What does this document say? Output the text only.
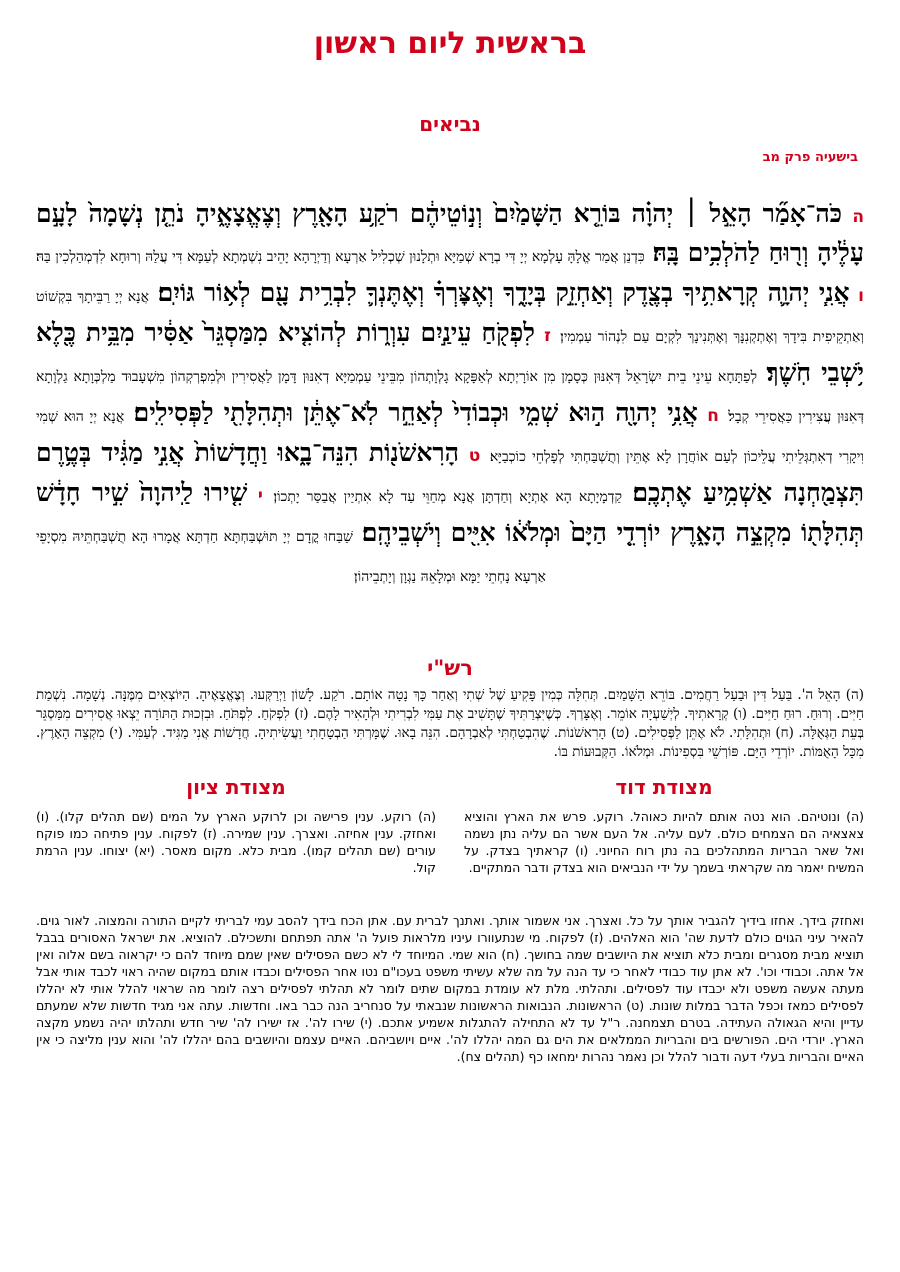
בראשית ליום ראשון
נביאים
בישעיה פרק מב
ה כֹּה־אָמַ֞ר הָאֵ֣ל ׀ יְהוָ֗ה בּוֹרֵ֤א הַשָּׁמַ֙יִם֙ וְנ֣וֹטֵיהֶ֔ם רֹקַ֥ע הָאָ֖רֶץ וְצֶאֱצָאֶ֑יהָ נֹתֵ֤ן נְשָׁמָה֙ לָעָ֣ם עָלֶ֔יהָ וְר֖וּחַ לַהֹלְכִ֥ים בָּֽהּ׃ כִּדְנַן אֲמַר אֱלָהָּ עָלְמָא יְיָ דִּי בְרָא שְׁמַיָּא וּתְלָנוּן שְׁכְלִיל אַרְעָא וְדַיְרָהָא יָהֵיב נִשְׁמְתָא לְעַמָּא דִּי עֲלַהּ וְרוּחָא לִדְמְהַלְכִין בַּהּ׃ ו אֲנִ֧י יְהוָ֛ה קְרָאתִ֥יךָ בְצֶ֖דֶק וְאַחְזֵ֣ק בְּיָדֶ֑ךָ וְאֶצׇּרְךָ֗ וְאֶתֶּנְךָ֛ לִבְרִ֥ית עָ֖ם לְא֥וֹר גּוֹיִֽם׃ אֲנָא יְיָ רַבֵּיתָךְ בִּקְשׁוֹט וְאַתְקֵיפִית בִּידָךְ וְאֶתְקְנִנָּךְ וְאֶתְּנִינָךְ לִקְיָם עַם לִנְהוֹר עַמְמִין׃ ז לִפְקֹ֖חַ עֵינַ֣יִם עִוְר֑וֹת לְהוֹצִ֤יא מִמַּסְגֵּר֙ אַסִּ֔יר מִבֵּ֥ית כֶּ֖לֶא יֹ֥שְׁבֵי חֹֽשֶׁךְ׃ לְפַתָּחָא עֵינֵי בֵית יִשְׂרָאֵל דְּאִנּוּן כְּסָמָן מִן אוֹרָיְתָא לְאַפָּקָא גָלְוָתְהוֹן מִבֵּינֵי עַמְמַיָּא דְאִנּוּן דָּמָן לַאֲסִירִין וּלְמִפְרְקְהוֹן מִשְׁעָבוּד מַלְכְּוָתָא גַלְוָתָא דְּאִנּוּן עֲצִירִין כַּאֲסִירֵי קְבָל׃ ח אֲנִ֥י יְהוָ֖ה ה֣וּא שְׁמִ֑י וּכְבוֹדִי֙ לְאַחֵ֣ר לֹֽא־אֶתֵּ֔ן וּתְהִלָּתִ֖י לַפְּסִילִֽים׃ אֲנָא יְיָ הוּא שְׁמִי וִיקָרִי דְאִתְגְּלֵיתִי עֲלֵיכוֹן לְעַם אוֹחֲרָן לָא אֶתֵּין וְתֻשְׁבַּחְתִּי לְפָלְחֵי כוֹכְבַיָּא׃ ט הָרִאשֹׁנ֖וֹת הִנֵּה־בָ֑אוּ וַחֲדָשׁוֹת֙ אֲנִ֣י מַגִּ֔יד בְּטֶ֥רֶם תִּצְמַ֖חְנָה אַשְׁמִ֥יעַ אֶתְכֶֽם׃ קַדְמָיָתָא הָא אָתְיָא וְחַדְתָּן אֲנָא מְחַוֵּי עַד לָא אִתְיַין אֲבַסַּר יָתְכוֹן׃ י שִׁ֤ירוּ לַֽיהוָה֙ שִׁ֣יר חָדָ֔שׁ תְּהִלָּת֖וֹ מִקְצֵ֣ה הָאָ֑רֶץ יוֹרְדֵ֤י הַיָּם֙ וּמְלֹא֔וֹ אִיִּ֖ים וְיֹשְׁבֵיהֶֽם׃ שַׁבַּחוּ קֳדָם יְיָ תּוּשְׁבַּחְתָּא חַדְתָּא אֲמָרוּ הָא תֻשְׁבַּחְתֵּיהּ מִסְיָפֵי אַרְעָא נָחְתֵי יַמָּא וּמְלָאֵהּ נַגְוָן וְיָתְבֵיהוֹן׃
רש"י
(ה) הָאֵל ה'. בַּעַל דִּין וּבַעַל רַחֲמִים. בּוֹרֵא הַשָּׁמַיִם. תְּחִלָּה כְּמִין פָּקִיעַ שֶׁל שְׁתִי וְאַחַר כָּךְ נָטָה אוֹתָם. רֹקַע. לָשׁוֹן וַיְרַקְּעוּ. וְצֶאֱצָאֶיהָ. הַיּוֹצְאִים מִמֶּנָּה. נְשָׁמָה. נִשְׁמַת חַיִּים. וְרוּחַ. רוּחַ חַיִּים. (ו) קְרָאתִיךָ. לְיְשַׁעְיָה אוֹמֵר. וְאֶצָּרְךָ. כְּשֶׁיִּצְרַתִּיךָ שֶׁתָּשִׁיב אֶת עַמִּי לִבְרִיתִי וּלְהָאִיר לָהֶם. (ז) לִפְקֹחַ. לִפְתֹּחַ. וּבִזְכוּת הַתּוֹרָה יֵצְאוּ אֲסִירִים מִמַּסְגֵּר בְּעֵת הַגְּאֻלָּה. (ח) וּתְהִלָּתִי. לֹא אֶתֵּן לַפְּסִילִים. (ט) הָרִאשֹׁנוֹת. שֶׁהִבְטַחְתִּי לְאַבְרָהָם. הִנֵּה בָאוּ. שֶׁמָּרְתִּי הַבְטָחָתִי וַעֲשִׂיתִיהָ. חֲדָשׁוֹת אֲנִי מַגִּיד. לְעַמִּי. (י) מִקְצֵה הָאָרֶץ. מִכָּל הָאֻמּוֹת. יוֹרְדֵי הַיָּם. פּוֹרְשֵׁי בִּסְפִינוֹת. וּמְלֹאוֹ. הַקְּבוּעוֹת בּוֹ.
מצודת דוד
מצודת ציון
(ה) ונוטיהם. הוא נטה אותם להיות כאוהל. רוקע. פרש את הארץ והוציא צאצאיה הם הצמחים כולם. לעם עליה. אל העם אשר הם עליה נתן נשמה ואל שאר הבריות המתהלכים בה נתן רוח החיוני. (ו) קראתיך בצדק. על המשיח יאמר מה שקראתי בשמך על ידי הנביאים הוא בצדק ודבר המתקיים.
(ה) רוקע. ענין פרישה וכן לרוקע הארץ על המים (שם תהלים קלו). (ו) ואחזק. ענין אחיזה. ואצרך. ענין שמירה. (ז) לפקוח. ענין פתיחה כמו פוקח עורים (שם תהלים קמו). מבית כלא. מקום מאסר. (יא) יצוחו. ענין הרמת קול.
ואחזק בידך. אחזו בידיך להגביר אותך על כל. ואצרך. אני אשמור אותך. ואתנך לברית עם. אתן הכח בידך להסב עמי לבריתי לקיים התורה והמצוה. לאור גוים. להאיר עיני הגוים כולם לדעת שה' הוא האלהים. (ז) לפקוח. מי שנתעוורו עיניו מלראות פועל ה' אתה תפתחם ותשכילם. להוציא. את ישראל האסורים בבבל תוציא מבית מסגרים ומבית כלא תוציא את היושבים שמה בחושך. (ח) הוא שמי. המיוחד לי לא כשם הפסילים שאין שמם מיוחד להם כי יקראוה בשם אלוה ואין אל אתה. וכבודי וכו'. לא אתן עוד כבודי לאחר כי עד הנה על מה שלא עשיתי משפט בעכו"ם נטו אחר הפסילים וכבדו אותם במקום שהיה ראוי לכבד אותי אבל מעתה אעשה משפט ולא יכבדו עוד לפסילים. ותהלתי. מלת לא עומדת במקום שתים לומר לא תהלתי לפסילים רצה לומר מה שראוי להלל אותי לא יהללו לפסילים כמאז וכפל הדבר במלות שונות. (ט) הראשונות. הנבואות הראשונות שנבאתי על סנחריב הנה כבר באו. וחדשות. עתה אני מגיד חדשות שלא שמעתם עדיין והיא הגאולה העתידה. בטרם תצמחנה. ר"ל עד לא התחילה להתגלות אשמיע אתכם. (י) שירו לה'. אז ישירו לה' שיר חדש ותהלתו יהיה נשמע מקצה הארץ. יורדי הים. הפורשים בים והבריות הממלאים את הים גם המה יהללו לה'. איים ויושביהם. האיים עצמם והיושבים בהם יהללו לה' והוא ענין מליצה כי אין האיים והבריות בעלי דעה ודבור להלל וכן נאמר נהרות ימחאו כף (תהלים צח).
